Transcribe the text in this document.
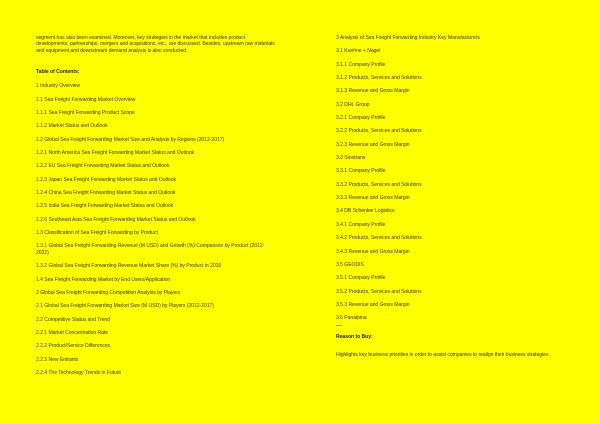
segment has also been examined. Moreover, key strategies in the market that includes product developments, partnerships, mergers and acquisitions, etc., are discussed. Besides, upstream raw materials and equipment and downstream demand analysis is also conducted.
Table of Contents:
1 Industry Overview
1.1 Sea Freight Forwarding Market Overview
1.1.1 Sea Freight Forwarding Product Scope
1.1.2 Market Status and Outlook
1.2 Global Sea Freight Forwarding Market Size and Analysis by Regions (2012-2017)
1.2.1 North America Sea Freight Forwarding Market Status and Outlook
1.2.2 EU Sea Freight Forwarding Market Status and Outlook
1.2.3 Japan Sea Freight Forwarding Market Status and Outlook
1.2.4 China Sea Freight Forwarding Market Status and Outlook
1.2.5 India Sea Freight Forwarding Market Status and Outlook
1.2.6 Southeast Asia Sea Freight Forwarding Market Status and Outlook
1.3 Classification of Sea Freight Forwarding by Product
1.3.1 Global Sea Freight Forwarding Revenue (M USD) and Growth (%) Comparison by Product (2012-2022)
1.3.2 Global Sea Freight Forwarding Revenue Market Share (%) by Product in 2016
1.4 Sea Freight Forwarding Market by End Users/Application
2 Global Sea Freight Forwarding Competition Analysis by Players
2.1 Global Sea Freight Forwarding Market Size (M USD) by Players (2012-2017)
2.2 Competitive Status and Trend
2.2.1 Market Concentration Rate
2.2.2 Product/Service Differences
2.2.3 New Entrants
2.2.4 The Technology Trends in Future
3 Analysis of Sea Freight Forwarding Industry Key Manufacturers
3.1 Kuehne + Nagel
3.1.1 Company Profile
3.1.2 Products, Services and Solutions
3.1.3 Revenue and Gross Margin
3.2 DHL Group
3.2.1 Company Profile
3.2.2 Products, Services and Solutions
3.2.3 Revenue and Gross Margin
3.3 Sinotrans
3.3.1 Company Profile
3.3.2 Products, Services and Solutions
3.3.3 Revenue and Gross Margin
3.4 DB Schenker Logistics
3.4.1 Company Profile
3.4.2 Products, Services and Solutions
3.4.3 Revenue and Gross Margin
3.5 GEODIS
3.5.1 Company Profile
3.5.2 Products, Services and Solutions
3.5.3 Revenue and Gross Margin
3.6 Panalpina
Reason to Buy:
Highlights key business priorities in order to assist companies to realign their business strategies.
